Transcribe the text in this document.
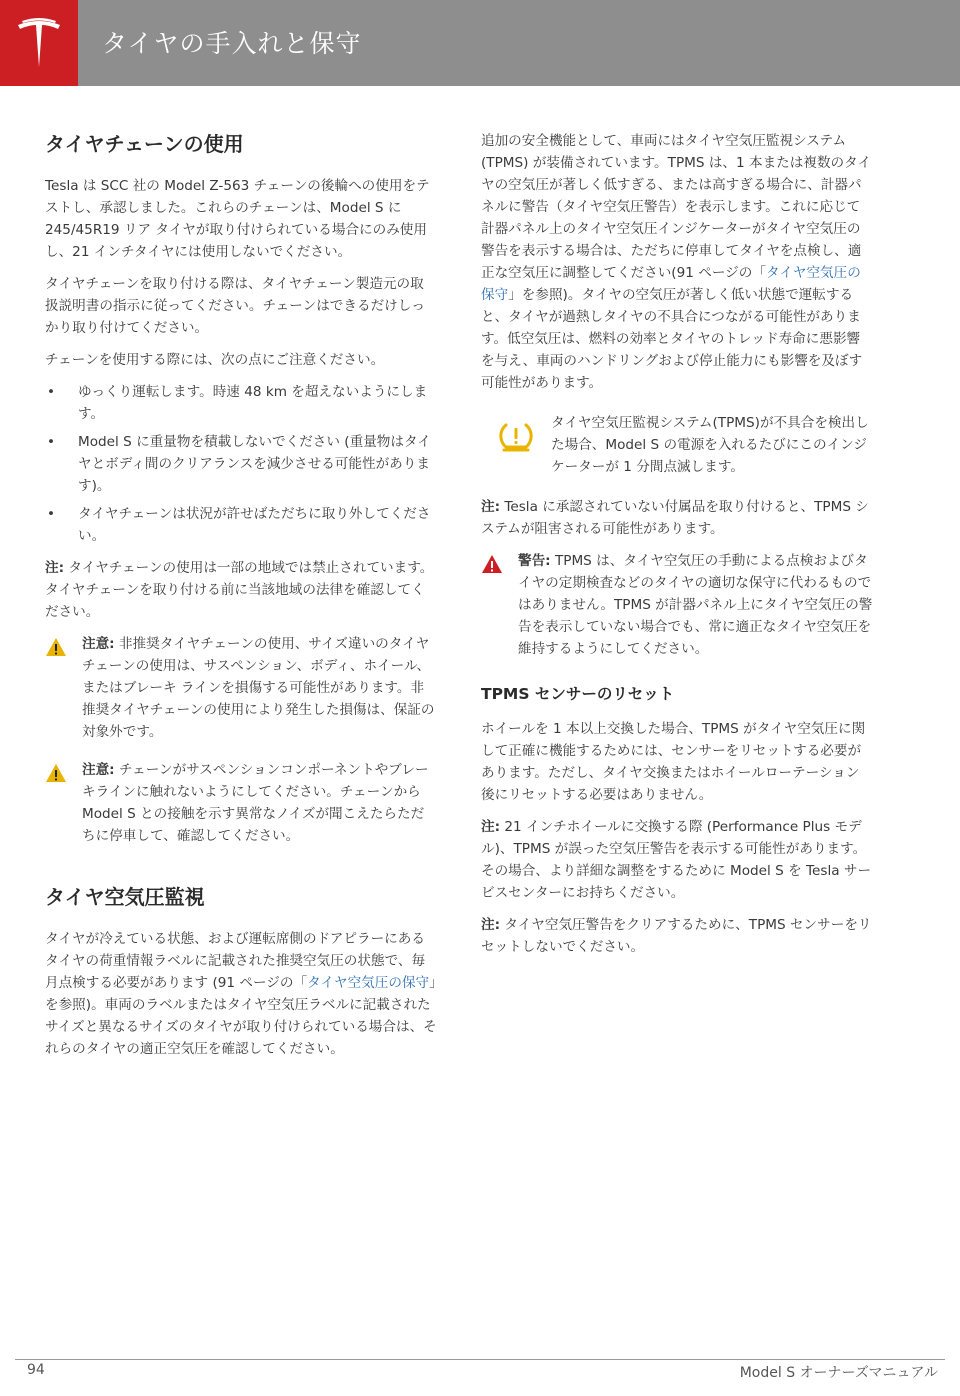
タイヤの手入れと保守
タイヤチェーンの使用

Tesla は SCC 社の Model Z-563 チェーンの後輪への使用をテストし、承認しました。これらのチェーンは、Model S に 245/45R19 リア タイヤが取り付けられている場合にのみ使用し、21 インチタイヤには使用しないでください。

タイヤチェーンを取り付ける際は、タイヤチェーン製造元の取扱説明書の指示に従ってください。チェーンはできるだけしっかり取り付けてください。

チェーンを使用する際には、次の点にご注意ください。

• ゆっくり運転します。時速 48 km を超えないようにします。
• Model S に重量物を積載しないでください (重量物はタイヤとボディ間のクリアランスを減少させる可能性があります)。
• タイヤチェーンは状況が許せばただちに取り外してください。

注: タイヤチェーンの使用は一部の地域では禁止されています。タイヤチェーンを取り付ける前に当該地域の法律を確認してください。

注意: 非推奨タイヤチェーンの使用、サイズ違いのタイヤチェーンの使用は、サスペンション、ボディ、ホイール、またはブレーキ ラインを損傷する可能性があります。非推奨タイヤチェーンの使用により発生した損傷は、保証の対象外です。

注意: チェーンがサスペンションコンポーネントやブレーキラインに触れないようにしてください。チェーンから Model S との接触を示す異常なノイズが聞こえたらただちに停車して、確認してください。

タイヤ空気圧監視

タイヤが冷えている状態、および運転席側のドアピラーにあるタイヤの荷重情報ラベルに記載された推奨空気圧の状態で、毎月点検する必要があります (91 ページの「タイヤ空気圧の保守」を参照)。車両のラベルまたはタイヤ空気圧ラベルに記載されたサイズと異なるサイズのタイヤが取り付けられている場合は、それらのタイヤの適正空気圧を確認してください。

追加の安全機能として、車両にはタイヤ空気圧監視システム (TPMS) が装備されています。TPMS は、1 本または複数のタイヤの空気圧が著しく低すぎる、または高すぎる場合に、計器パネルに警告（タイヤ空気圧警告）を表示します。これに応じて計器パネル上のタイヤ空気圧インジケーターがタイヤ空気圧の警告を表示する場合は、ただちに停車してタイヤを点検し、適正な空気圧に調整してください(91 ページの「タイヤ空気圧の保守」を参照)。タイヤの空気圧が著しく低い状態で運転すると、タイヤが過熱しタイヤの不具合につながる可能性があります。低空気圧は、燃料の効率とタイヤのトレッド寿命に悪影響を与え、車両のハンドリングおよび停止能力にも影響を及ぼす可能性があります。

タイヤ空気圧監視システム(TPMS)が不具合を検出した場合、Model S の電源を入れるたびにこのインジケーターが 1 分間点滅します。

注: Tesla に承認されていない付属品を取り付けると、TPMS システムが阻害される可能性があります。

警告: TPMS は、タイヤ空気圧の手動による点検およびタイヤの定期検査などのタイヤの適切な保守に代わるものではありません。TPMS が計器パネル上にタイヤ空気圧の警告を表示していない場合でも、常に適正なタイヤ空気圧を維持するようにしてください。

TPMS センサーのリセット

ホイールを 1 本以上交換した場合、TPMS がタイヤ空気圧に関して正確に機能するためには、センサーをリセットする必要があります。ただし、タイヤ交換またはホイールローテーション後にリセットする必要はありません。

注: 21 インチホイールに交換する際 (Performance Plus モデル)、TPMS が誤った空気圧警告を表示する可能性があります。その場合、より詳細な調整をするために Model S を Tesla サービスセンターにお持ちください。

注: タイヤ空気圧警告をクリアするために、TPMS センサーをリセットしないでください。

94	Model S オーナーズマニュアル
